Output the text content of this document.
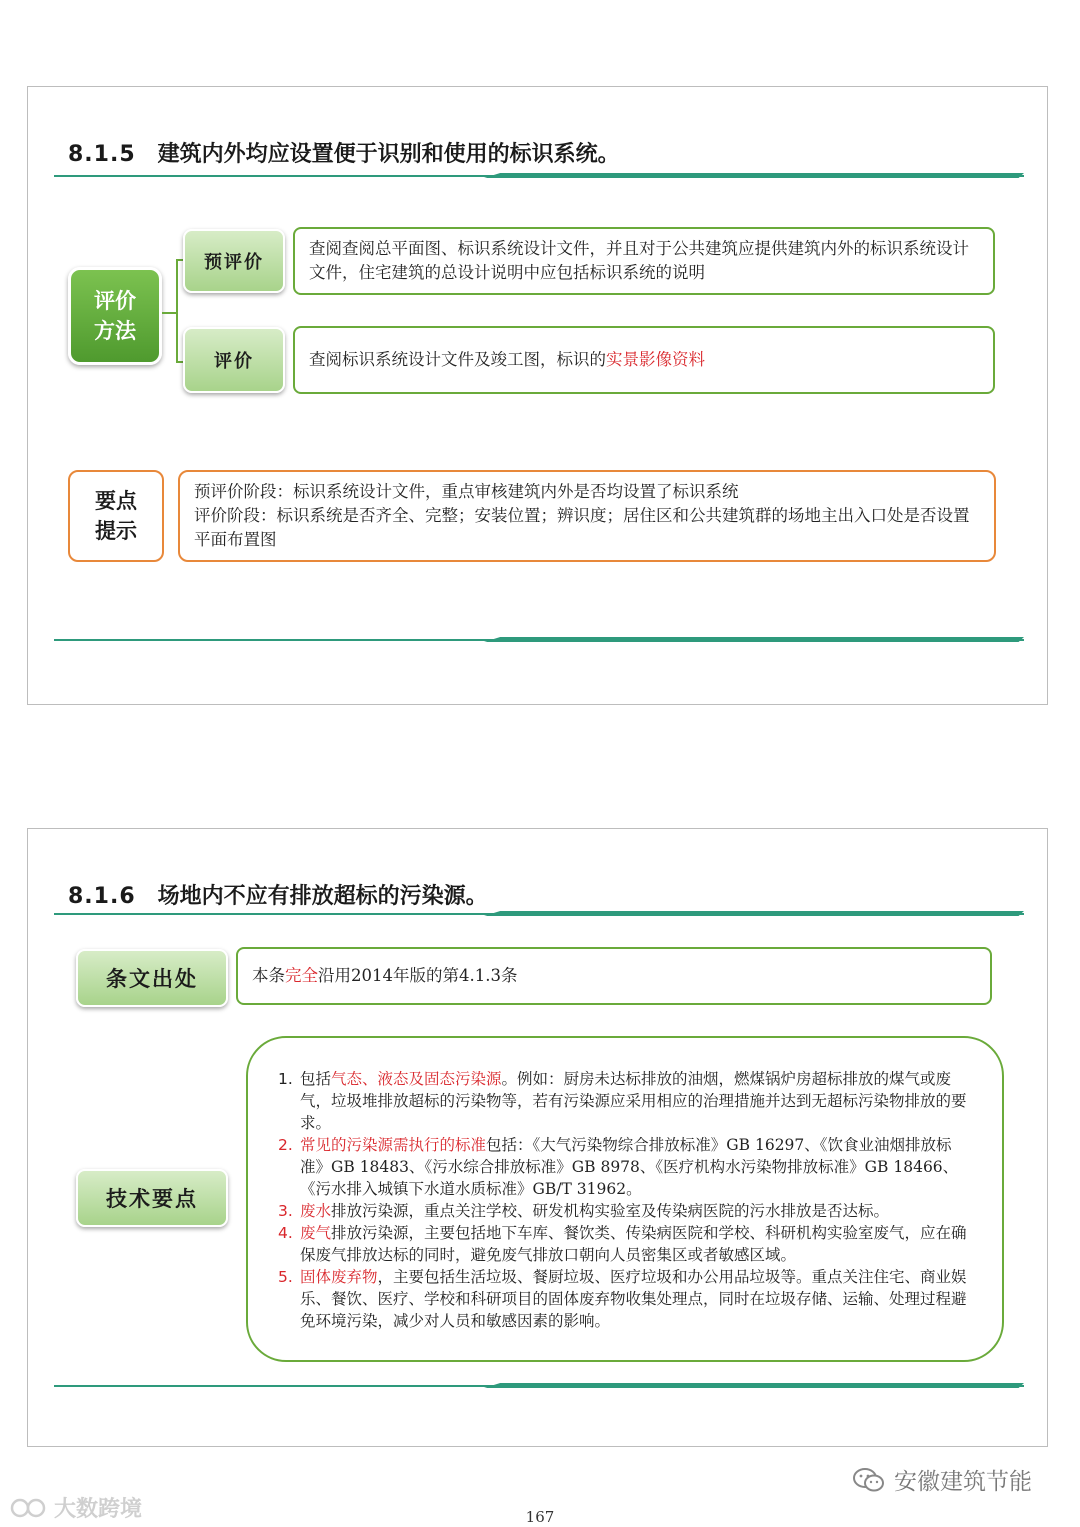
8.1.5 建筑内外均应设置便于识别和使用的标识系统。
评价方法
预评价
查阅查阅总平面图、标识系统设计文件，并且对于公共建筑应提供建筑内外的标识系统设计文件，住宅建筑的总设计说明中应包括标识系统的说明
评价	查阅标识系统设计文件及竣工图，标识的实景影像资料
要点提示
预评价阶段：标识系统设计文件，重点审核建筑内外是否均设置了标识系统
评价阶段：标识系统是否齐全、完整；安装位置；辨识度；居住区和公共建筑群的场地主出入口处是否设置平面布置图
8.1.6 场地内不应有排放超标的污染源。
条文出处	本条完全沿用2014年版的第4.1.3条
技术要点
1. 包括气态、液态及固态污染源。例如：厨房未达标排放的油烟，燃煤锅炉房超标排放的煤气或废气，垃圾堆排放超标的污染物等，若有污染源应采用相应的治理措施并达到无超标污染物排放的要求。
2. 常见的污染源需执行的标准包括：《大气污染物综合排放标准》GB 16297、《饮食业油烟排放标准》GB 18483、《污水综合排放标准》GB 8978、《医疗机构水污染物排放标准》GB 18466、《污水排入城镇下水道水质标准》GB/T 31962。
3. 废水排放污染源，重点关注学校、研发机构实验室及传染病医院的污水排放是否达标。
4. 废气排放污染源，主要包括地下车库、餐饮类、传染病医院和学校、科研机构实验室废气，应在确保废气排放达标的同时，避免废气排放口朝向人员密集区或者敏感区域。
5. 固体废弃物，主要包括生活垃圾、餐厨垃圾、医疗垃圾和办公用品垃圾等。重点关注住宅、商业娱乐、餐饮、医疗、学校和科研项目的固体废弃物收集处理点，同时在垃圾存储、运输、处理过程避免环境污染，减少对人员和敏感因素的影响。
安徽建筑节能
大数跨境	167
